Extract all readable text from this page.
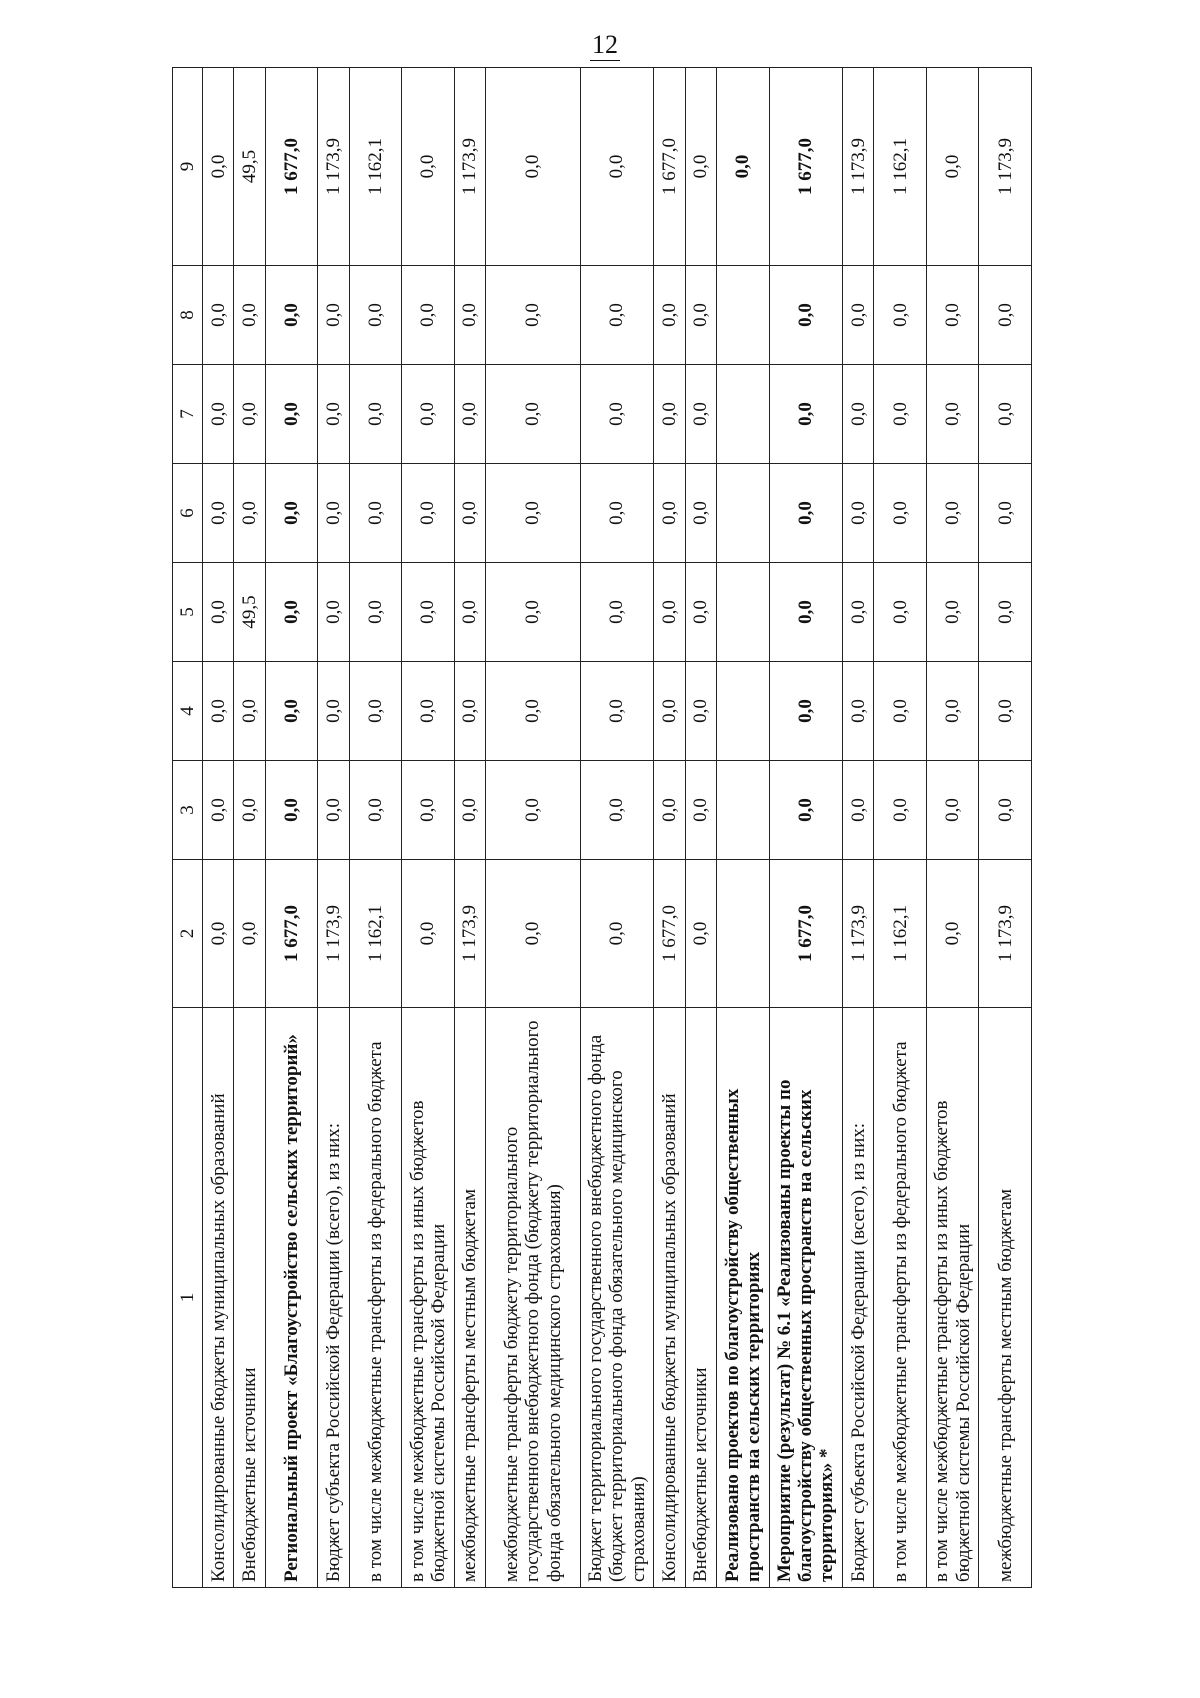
12
1	2	3	4	5	6	7	8	9
Консолидированные бюджеты муниципальных образований	0,0	0,0	0,0	0,0	0,0	0,0	0,0	0,0
Внебюджетные источники	0,0	0,0	0,0	49,5	0,0	0,0	0,0	49,5
Региональный проект «Благоустройство сельских территорий»	1 677,0	0,0	0,0	0,0	0,0	0,0	0,0	1 677,0
Бюджет субъекта Российской Федерации (всего), из них:	1 173,9	0,0	0,0	0,0	0,0	0,0	0,0	1 173,9
в том числе межбюджетные трансферты из федерального бюджета	1 162,1	0,0	0,0	0,0	0,0	0,0	0,0	1 162,1
в том числе межбюджетные трансферты из иных бюджетов бюджетной системы Российской Федерации	0,0	0,0	0,0	0,0	0,0	0,0	0,0	0,0
межбюджетные трансферты местным бюджетам	1 173,9	0,0	0,0	0,0	0,0	0,0	0,0	1 173,9
межбюджетные трансферты бюджету территориального государственного внебюджетного фонда (бюджету территориального фонда обязательного медицинского страхования)	0,0	0,0	0,0	0,0	0,0	0,0	0,0	0,0
Бюджет территориального государственного внебюджетного фонда (бюджет территориального фонда обязательного медицинского страхования)	0,0	0,0	0,0	0,0	0,0	0,0	0,0	0,0
Консолидированные бюджеты муниципальных образований	1 677,0	0,0	0,0	0,0	0,0	0,0	0,0	1 677,0
Внебюджетные источники	0,0	0,0	0,0	0,0	0,0	0,0	0,0	0,0
Реализовано проектов по благоустройству общественных пространств на сельских территориях								0,0
Мероприятие (результат) № 6.1 «Реализованы проекты по благоустройству общественных пространств на сельских территориях» *	1 677,0	0,0	0,0	0,0	0,0	0,0	0,0	1 677,0
Бюджет субъекта Российской Федерации (всего), из них:	1 173,9	0,0	0,0	0,0	0,0	0,0	0,0	1 173,9
в том числе межбюджетные трансферты из федерального бюджета	1 162,1	0,0	0,0	0,0	0,0	0,0	0,0	1 162,1
в том числе межбюджетные трансферты из иных бюджетов бюджетной системы Российской Федерации	0,0	0,0	0,0	0,0	0,0	0,0	0,0	0,0
межбюджетные трансферты местным бюджетам	1 173,9	0,0	0,0	0,0	0,0	0,0	0,0	1 173,9
